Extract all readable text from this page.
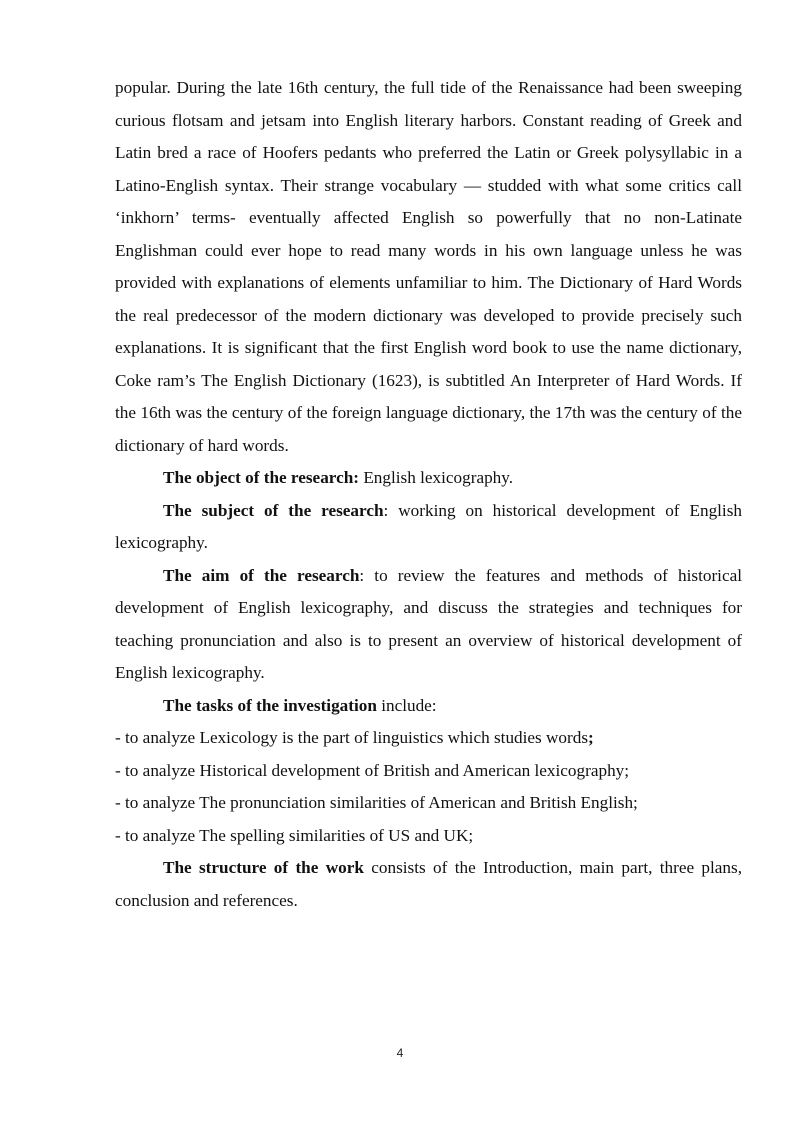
popular. During the late 16th century, the full tide of the Renaissance had been sweeping curious flotsam and jetsam into English literary harbors. Constant reading of Greek and Latin bred a race of Hoofers pedants who preferred the Latin or Greek polysyllabic in a Latino-English syntax. Their strange vocabulary — studded with what some critics call ‘inkhorn’ terms- eventually affected English so powerfully that no non-Latinate Englishman could ever hope to read many words in his own language unless he was provided with explanations of elements unfamiliar to him. The Dictionary of Hard Words the real predecessor of the modern dictionary was developed to provide precisely such explanations. It is significant that the first English word book to use the name dictionary, Coke ram’s The English Dictionary (1623), is subtitled An Interpreter of Hard Words. If the 16th was the century of the foreign language dictionary, the 17th was the century of the dictionary of hard words.

The object of the research: English lexicography.

The subject of the research: working on historical development of English lexicography.

The aim of the research: to review the features and methods of historical development of English lexicography, and discuss the strategies and techniques for teaching pronunciation and also is to present an overview of historical development of English lexicography.

The tasks of the investigation include:

- to analyze Lexicology is the part of linguistics which studies words;

- to analyze Historical development of British and American lexicography;

- to analyze The pronunciation similarities of American and British English;

- to analyze The spelling similarities of US and UK;

The structure of the work consists of the Introduction, main part, three plans, conclusion and references.

4
